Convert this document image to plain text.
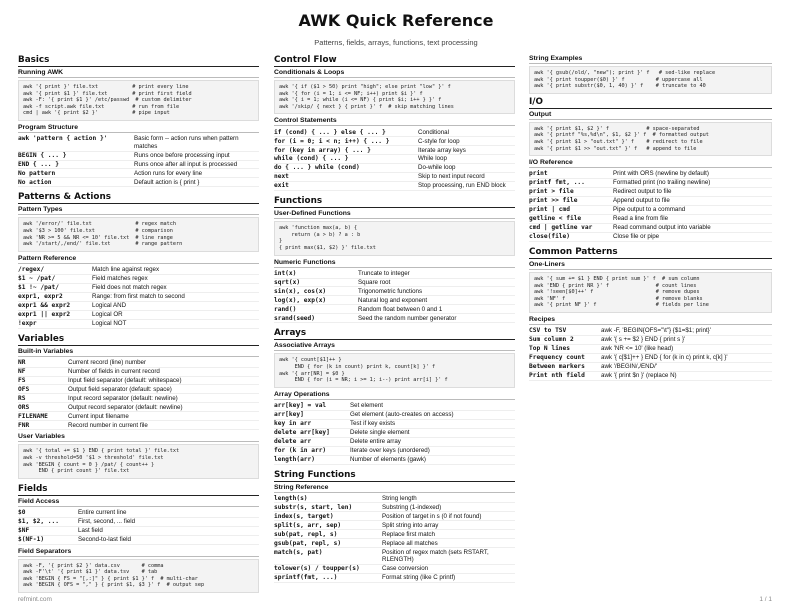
AWK Quick Reference
Patterns, fields, arrays, functions, text processing
Basics
Running AWK
awk '{ print }' file.txt           # print every line
awk '{ print $1 }' file.txt        # print first field
awk -F: '{ print $1 }' /etc/passwd  # custom delimiter
awk -f script.awk file.txt         # run from file
cmd | awk '{ print $2 }'           # pipe input
Program Structure
awk 'pattern { action }'	Basic form -- action runs when pattern matches
BEGIN { ... }	Runs once before processing input
END { ... }	Runs once after all input is processed
No pattern	Action runs for every line
No action	Default action is { print }
Patterns & Actions
Pattern Types
awk '/error/' file.txt              # regex match
awk '$3 > 100' file.txt             # comparison
awk 'NR >= 5 && NR <= 10' file.txt  # line range
awk '/start/,/end/' file.txt        # range pattern
Pattern Reference
/regex/	Match line against regex
$1 ~ /pat/	Field matches regex
$1 !~ /pat/	Field does not match regex
expr1, expr2	Range: from first match to second
expr1 && expr2	Logical AND
expr1 || expr2	Logical OR
!expr	Logical NOT
Variables
Built-in Variables
NR	Current record (line) number
NF	Number of fields in current record
FS	Input field separator (default: whitespace)
OFS	Output field separator (default: space)
RS	Input record separator (default: newline)
ORS	Output record separator (default: newline)
FILENAME	Current input filename
FNR	Record number in current file
User Variables
awk '{ total += $1 } END { print total }' file.txt
awk -v threshold=50 '$1 > threshold' file.txt
awk 'BEGIN { count = 0 } /pat/ { count++ }
END { print count }' file.txt
Fields
Field Access
$0	Entire current line
$1, $2, ...	First, second, ... field
$NF	Last field
$(NF-1)	Second-to-last field
Field Separators
awk -F, '{ print $2 }' data.csv       # comma
awk -F'\t' '{ print $1 }' data.tsv    # tab
awk 'BEGIN { FS = "[,:]" } { print $1 }' f  # multi-char
awk 'BEGIN { OFS = "," } { print $1, $3 }' f  # output sep
Control Flow
Conditionals & Loops
awk '{ if ($1 > 50) print "high"; else print "low" }' f
awk '{ for (i = 1; i <= NF; i++) print $i }' f
awk '{ i = 1; while (i <= NF) { print $i; i++ } }' f
awk '/skip/ { next } { print }' f  # skip matching lines
Control Statements
if (cond) { ... } else { ... }	Conditional
for (i = 0; i < n; i++) { ... }	C-style for loop
for (key in array) { ... }	Iterate array keys
while (cond) { ... }	While loop
do { ... } while (cond)	Do-while loop
next	Skip to next input record
exit	Stop processing, run END block
Functions
User-Defined Functions
awk 'function max(a, b) {
return (a > b) ? a : b
}
{ print max($1, $2) }' file.txt
Numeric Functions
int(x)	Truncate to integer
sqrt(x)	Square root
sin(x), cos(x)	Trigonometric functions
log(x), exp(x)	Natural log and exponent
rand()	Random float between 0 and 1
srand(seed)	Seed the random number generator
Arrays
Associative Arrays
awk '{ count[$1]++ }
END { for (k in count) print k, count[k] }' f
awk '{ arr[NR] = $0 }
END { for (i = NR; i >= 1; i--) print arr[i] }' f
Array Operations
arr[key] = val	Set element
arr[key]	Get element (auto-creates on access)
key in arr	Test if key exists
delete arr[key]	Delete single element
delete arr	Delete entire array
for (k in arr)	Iterate over keys (unordered)
length(arr)	Number of elements (gawk)
String Functions
String Reference
length(s)	String length
substr(s, start, len)	Substring (1-indexed)
index(s, target)	Position of target in s (0 if not found)
split(s, arr, sep)	Split string into array
sub(pat, repl, s)	Replace first match
gsub(pat, repl, s)	Replace all matches
match(s, pat)	Position of regex match (sets RSTART, RLENGTH)
tolower(s) / toupper(s)	Case conversion
sprintf(fmt, ...)	Format string (like C printf)
String Examples
awk '{ gsub(/old/, "new"); print }' f   # sed-like replace
awk '{ print toupper($0) }' f          # uppercase all
awk '{ print substr($0, 1, 40) }' f    # truncate to 40
I/O
Output
awk '{ print $1, $2 }' f            # space-separated
awk '{ printf "%s,%d\n", $1, $2 }' f  # formatted output
awk '{ print $1 > "out.txt" }' f    # redirect to file
awk '{ print $1 >> "out.txt" }' f   # append to file
I/O Reference
print	Print with ORS (newline by default)
printf fmt, ...	Formatted print (no trailing newline)
print > file	Redirect output to file
print >> file	Append output to file
print | cmd	Pipe output to a command
getline < file	Read a line from file
cmd | getline var	Read command output into variable
close(file)	Close file or pipe
Common Patterns
One-Liners
awk '{ sum += $1 } END { print sum }' f  # sum column
awk 'END { print NR }' f               # count lines
awk '!seen[$0]++' f                    # remove dupes
awk 'NF' f                             # remove blanks
awk '{ print NF }' f                   # fields per line
Recipes
CSV to TSV	awk -F, 'BEGIN{OFS="\t"} {$1=$1; print}'
Sum column 2	awk '{ s += $2 } END { print s }'
Top N lines	awk 'NR <= 10' (like head)
Frequency count	awk '{ c[$1]++ } END { for (k in c) print k, c[k] }'
Between markers	awk '/BEGIN/,/END/'
Print nth field	awk '{ print $n }' (replace N)
refmint.com	1 / 1
